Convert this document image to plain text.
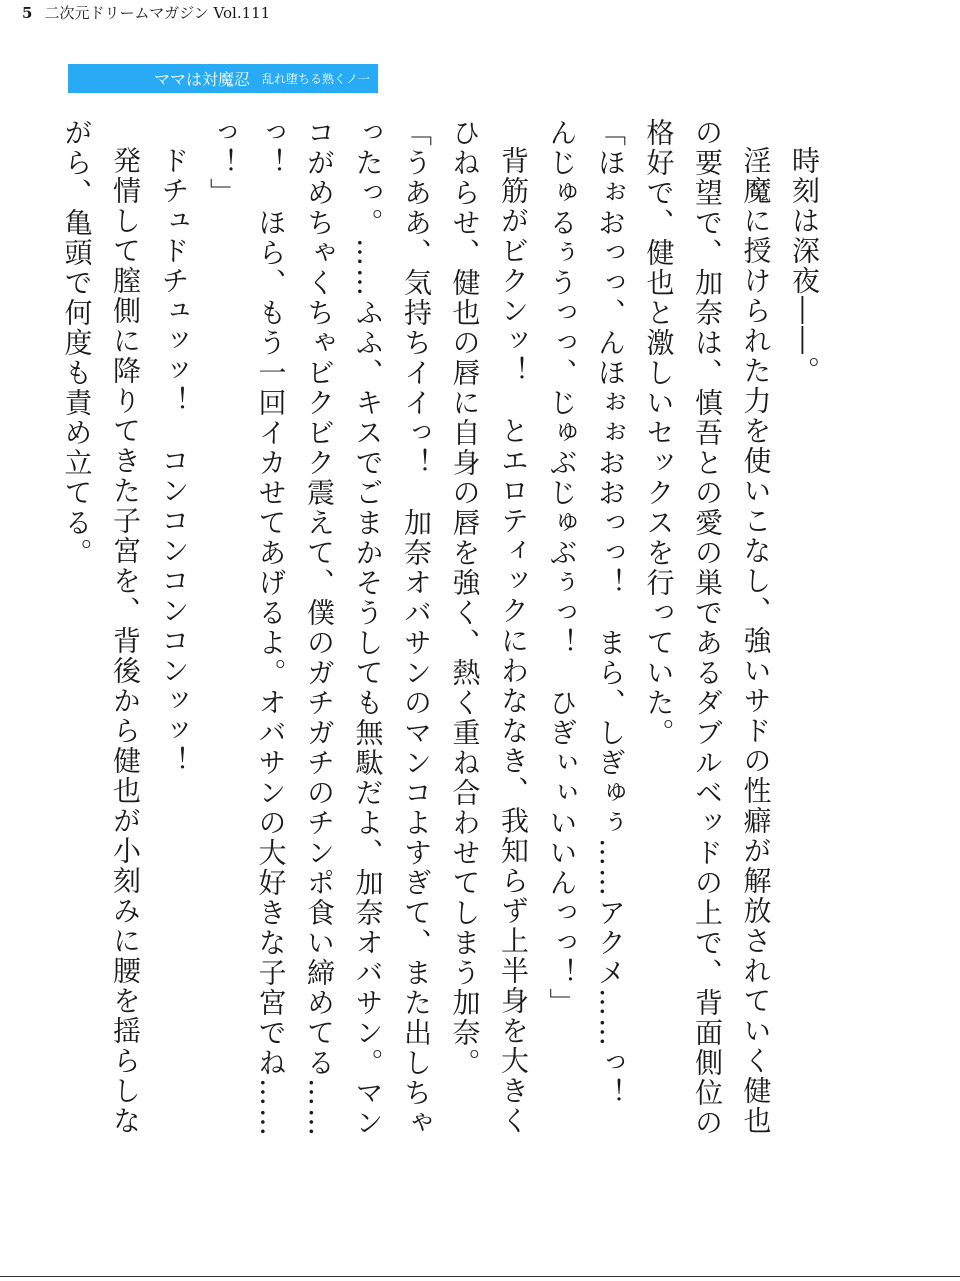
5 二次元ドリームマガジン Vol.111
ママは対魔忍 乱れ堕ちる熟くノ一

時刻は深夜――。

淫魔に授けられた力を使いこなし、強いサドの性癖が解放されていく健也の要望で、加奈は、慎吾との愛の巣であるダブルベッドの上で、背面側位の格好で、健也と激しいセックスを行っていた。

「ほぉおっっ、んほぉぉおおっっ！　まら、しぎゅぅ……アクメ……っ！　んじゅるぅうっっ、じゅぶじゅぶぅっ！　ひぎぃぃいいんっっ！」

背筋がビクンッ！　とエロティックにわななき、我知らず上半身を大きくひねらせ、健也の唇に自身の唇を強く、熱く重ね合わせてしまう加奈。

「うああ、気持ちイイっ！　加奈オバサンのマンコよすぎて、また出しちゃったっ。……ふふ、キスでごまかそうしても無駄だよ、加奈オバサン。マンコがめちゃくちゃビクビク震えて、僕のガチガチのチンポ食い締めてる……っ！　ほら、もう一回イカせてあげるよ。オバサンの大好きな子宮でね……っ！」

ドチュドチュッッ！　コンコンコンコンッッ！

発情して膣側に降りてきた子宮を、背後から健也が小刻みに腰を揺らしながら、亀頭で何度も責め立てる。
